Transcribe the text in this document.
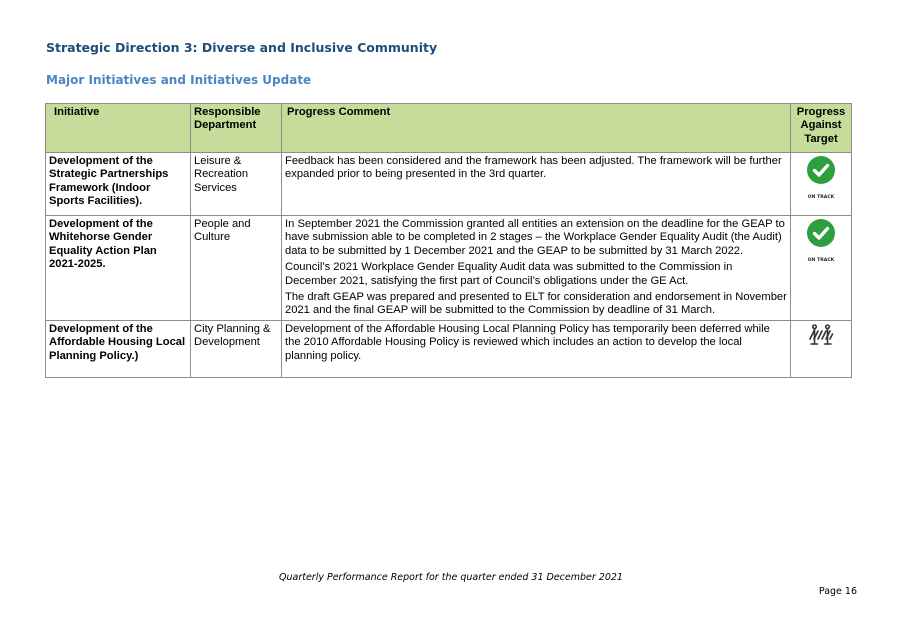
Strategic Direction 3: Diverse and Inclusive Community
Major Initiatives and Initiatives Update
Initiative	Responsible Department	Progress Comment	Progress Against Target
Development of the Strategic Partnerships Framework (Indoor Sports Facilities).	Leisure & Recreation Services	Feedback has been considered and the framework has been adjusted. The framework will be further expanded prior to being presented in the 3rd quarter.	ON TRACK

Development of the Whitehorse Gender Equality Action Plan 2021-2025.	People and Culture	In September 2021 the Commission granted all entities an extension on the deadline for the GEAP to have submission able to be completed in 2 stages – the Workplace Gender Equality Audit (the Audit) data to be submitted by 1 December 2021 and the GEAP to be submitted by 31 March 2022.

Council’s 2021 Workplace Gender Equality Audit data was submitted to the Commission in December 2021, satisfying the first part of Council’s obligations under the GE Act.

The draft GEAP was prepared and presented to ELT for consideration and endorsement in November 2021 and the final GEAP will be submitted to the Commission by deadline of 31 March.	ON TRACK

Development of the Affordable Housing Local Planning Policy.)	City Planning & Development	Development of the Affordable Housing Local Planning Policy has temporarily been deferred while the 2010 Affordable Housing Policy is reviewed which includes an action to develop the local planning policy.

Quarterly Performance Report for the quarter ended 31 December 2021
Page 16
